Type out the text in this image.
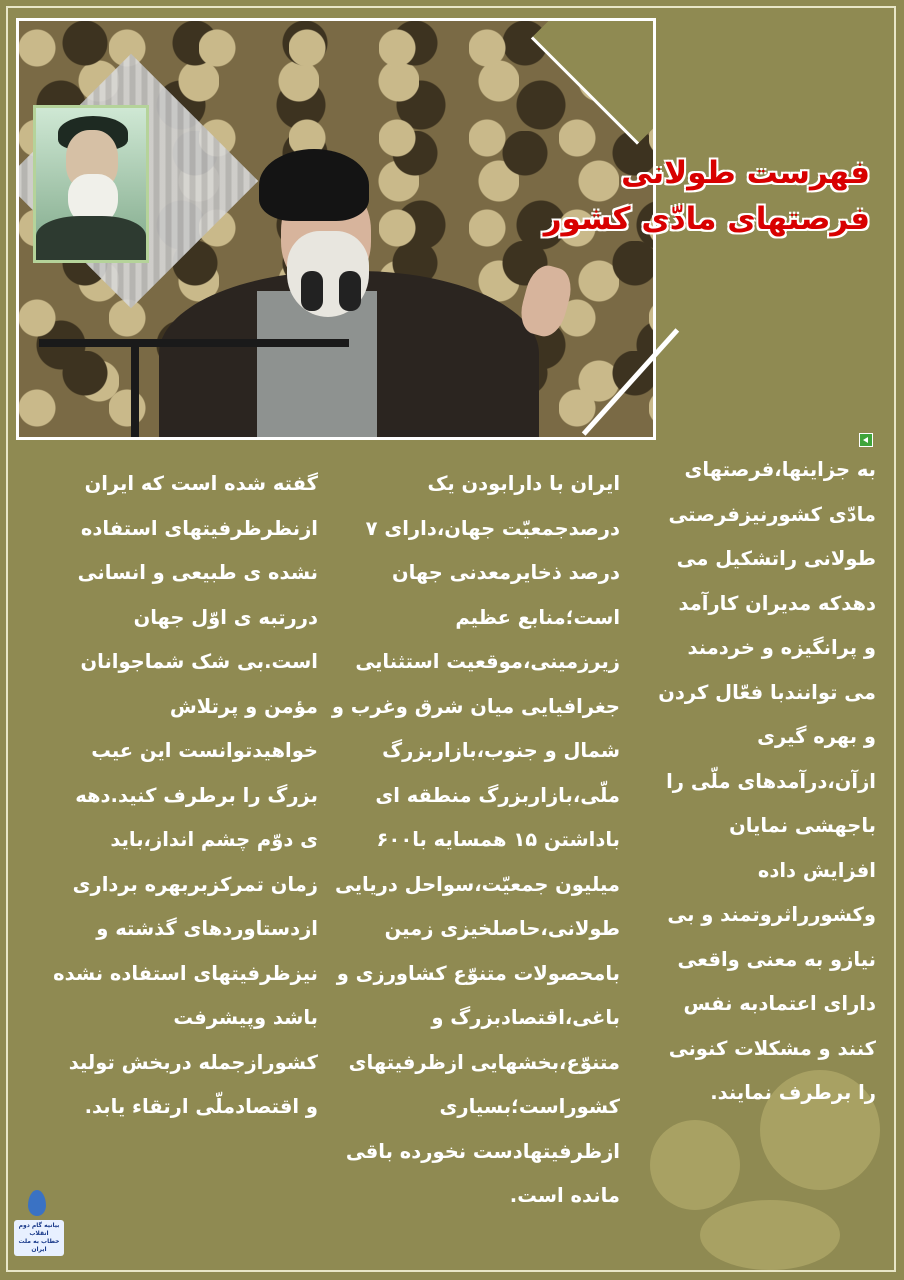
فهرست طولانی
فرصتهای مادّی کشور
به جزاینها،فرصتهای
مادّی کشورنیزفرصتی
طولانی راتشکیل می
دهدکه مدیران کارآمد
و پرانگیزه و خردمند
می توانندبا فعّال کردن
و بهره گیری
ازآن،درآمدهای ملّی را
باجهشی نمایان
افزایش داده
وکشورراثروتمند و بی
نیازو به معنی واقعی
دارای اعتمادبه نفس
کنند و مشکلات کنونی
را برطرف نمایند.
ایران با دارابودن یک
درصدجمعیّت جهان،دارای ۷
درصد ذخایرمعدنی جهان
است؛منابع عظیم
زیرزمینی،موقعیت استثنایی
جغرافیایی میان شرق وغرب و
شمال و جنوب،بازاربزرگ
ملّی،بازاربزرگ منطقه ای
باداشتن ۱۵ همسایه با۶۰۰
میلیون جمعیّت،سواحل دریایی
طولانی،حاصلخیزی زمین
بامحصولات متنوّع کشاورزی و
باغی،اقتصادبزرگ و
متنوّع،بخشهایی ازظرفیتهای
کشوراست؛بسیاری
ازظرفیتهادست نخورده باقی
مانده است.
گفته شده است که ایران
ازنظرظرفیتهای استفاده
نشده ی طبیعی و انسانی
دررتبه ی اوّل جهان
است.بی شک شماجوانان
مؤمن و پرتلاش
خواهیدتوانست این عیب
بزرگ را برطرف کنید.دهه
ی دوّم چشم انداز،باید
زمان تمرکزبربهره برداری
ازدستاوردهای گذشته و
نیزظرفیتهای استفاده نشده
باشد وپیشرفت
کشورازجمله دربخش تولید
و اقتصادملّی ارتقاء یابد.
بیانیه گام دوم انقلاب
خطاب به ملت ایران
